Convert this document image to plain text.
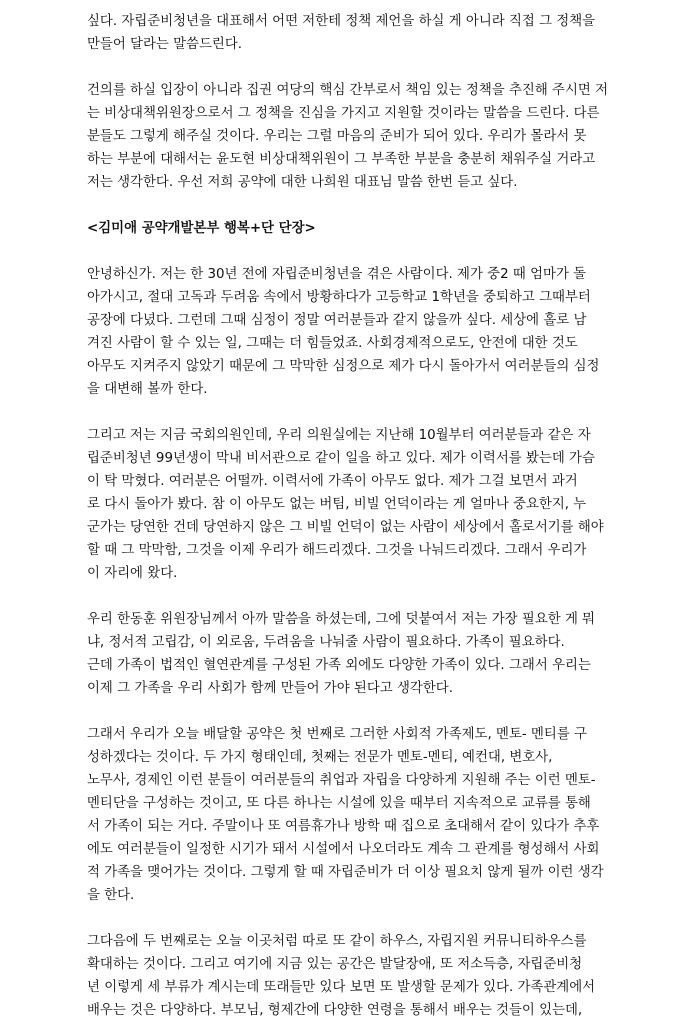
싶다. 자립준비청년을 대표해서 어떤 저한테 정책 제언을 하실 게 아니라 직접 그 정책을
만들어 달라는 말씀드린다.
건의를 하실 입장이 아니라 집권 여당의 핵심 간부로서 책임 있는 정책을 추진해 주시면 저
는 비상대책위원장으로서 그 정책을 진심을 가지고 지원할 것이라는 말씀을 드린다. 다른
분들도 그렇게 해주실 것이다. 우리는 그럴 마음의 준비가 되어 있다. 우리가 몰라서 못
하는 부분에 대해서는 윤도현 비상대책위원이 그 부족한 부분을 충분히 채워주실 거라고
저는 생각한다. 우선 저희 공약에 대한 나희원 대표님 말씀 한번 듣고 싶다.
<김미애 공약개발본부 행복+단 단장>
안녕하신가. 저는 한 30년 전에 자립준비청년을 겪은 사람이다. 제가 중2 때 엄마가 돌
아가시고, 절대 고독과 두려움 속에서 방황하다가 고등학교 1학년을 중퇴하고 그때부터
공장에 다녔다. 그런데 그때 심정이 정말 여러분들과 같지 않을까 싶다. 세상에 홀로 남
겨진 사람이 할 수 있는 일, 그때는 더 힘들었죠. 사회경제적으로도, 안전에 대한 것도
아무도 지켜주지 않았기 때문에 그 막막한 심정으로 제가 다시 돌아가서 여러분들의 심정
을 대변해 볼까 한다.
그리고 저는 지금 국회의원인데, 우리 의원실에는 지난해 10월부터 여러분들과 같은 자
립준비청년 99년생이 막내 비서관으로 같이 일을 하고 있다. 제가 이력서를 봤는데 가슴
이 탁 막혔다. 여러분은 어떨까. 이력서에 가족이 아무도 없다. 제가 그걸 보면서 과거
로 다시 돌아가 봤다. 참 이 아무도 없는 버팀, 비빌 언덕이라는 게 얼마나 중요한지, 누
군가는 당연한 건데 당연하지 않은 그 비빌 언덕이 없는 사람이 세상에서 홀로서기를 해야
할 때 그 막막함, 그것을 이제 우리가 해드리겠다. 그것을 나눠드리겠다. 그래서 우리가
이 자리에 왔다.
우리 한동훈 위원장님께서 아까 말씀을 하셨는데, 그에 덧붙여서 저는 가장 필요한 게 뭐
냐, 정서적 고립감, 이 외로움, 두려움을 나눠줄 사람이 필요하다. 가족이 필요하다.
근데 가족이 법적인 혈연관계를 구성된 가족 외에도 다양한 가족이 있다. 그래서 우리는
이제 그 가족을 우리 사회가 함께 만들어 가야 된다고 생각한다.
그래서 우리가 오늘 배달할 공약은 첫 번째로 그러한 사회적 가족제도, 멘토- 멘티를 구
성하겠다는 것이다. 두 가지 형태인데, 첫째는 전문가 멘토-멘티, 예컨대, 변호사,
노무사, 경제인 이런 분들이 여러분들의 취업과 자립을 다양하게 지원해 주는 이런 멘토-
멘티단을 구성하는 것이고, 또 다른 하나는 시설에 있을 때부터 지속적으로 교류를 통해
서 가족이 되는 거다. 주말이나 또 여름휴가나 방학 때 집으로 초대해서 같이 있다가 추후
에도 여러분들이 일정한 시기가 돼서 시설에서 나오더라도 계속 그 관계를 형성해서 사회
적 가족을 맺어가는 것이다. 그렇게 할 때 자립준비가 더 이상 필요치 않게 될까 이런 생각
을 한다.
그다음에 두 번째로는 오늘 이곳처럼 따로 또 같이 하우스, 자립지원 커뮤니티하우스를
확대하는 것이다. 그리고 여기에 지금 있는 공간은 발달장애, 또 저소득층, 자립준비청
년 이렇게 세 부류가 계시는데 또래들만 있다 보면 또 발생할 문제가 있다. 가족관계에서
배우는 것은 다양하다. 부모님, 형제간에 다양한 연령을 통해서 배우는 것들이 있는데,
